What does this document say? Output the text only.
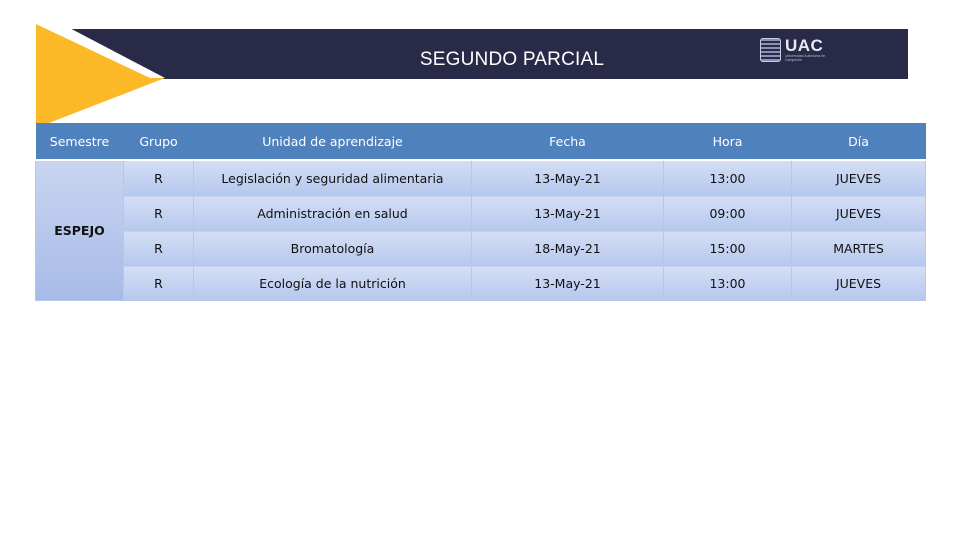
SEGUNDO PARCIAL
UAC
Universidad Autónoma de Campeche
Semestre	Grupo	Unidad de aprendizaje	Fecha	Hora	Día
ESPEJO	R	Legislación y seguridad alimentaria	13-May-21	13:00	JUEVES
	R	Administración en salud	13-May-21	09:00	JUEVES
	R	Bromatología	18-May-21	15:00	MARTES
	R	Ecología de la nutrición	13-May-21	13:00	JUEVES
